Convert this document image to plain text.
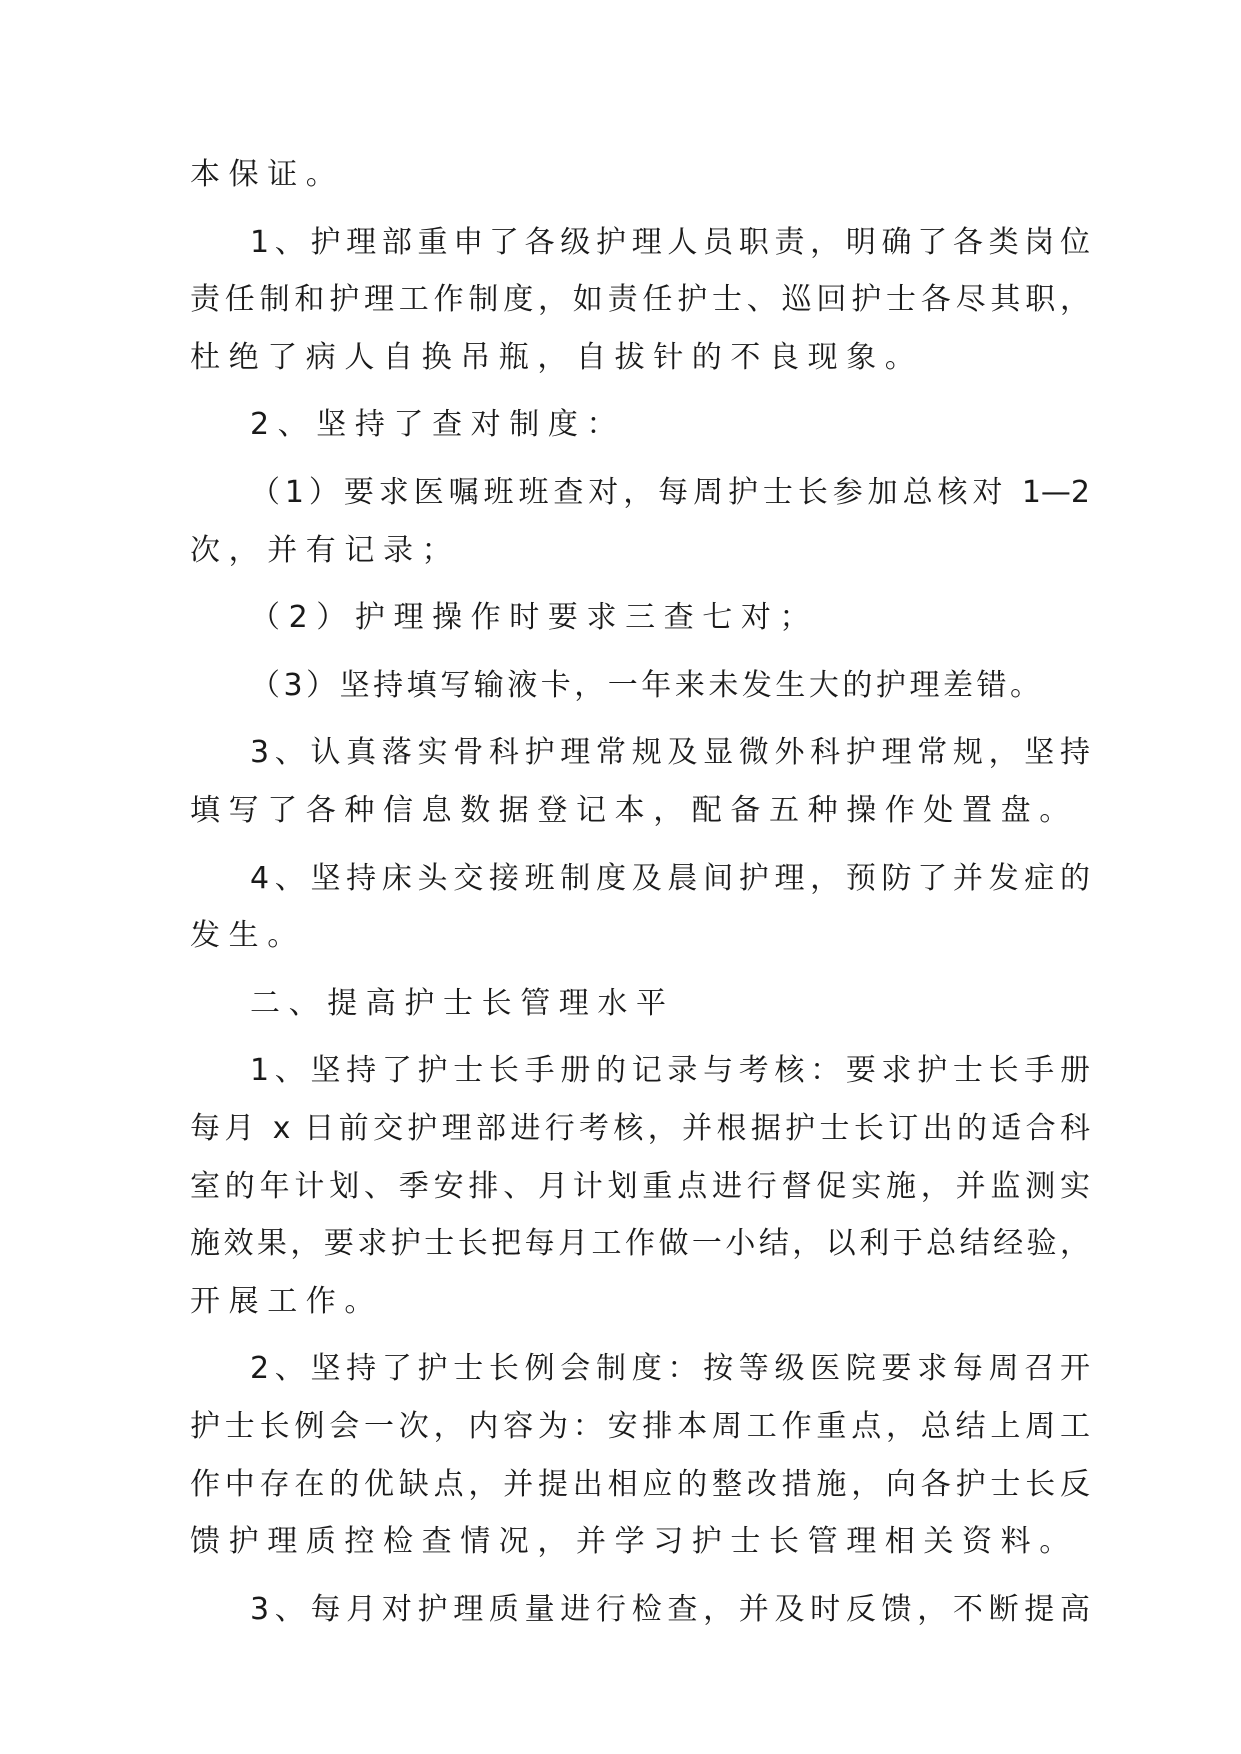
本保证。
1、护理部重申了各级护理人员职责，明确了各类岗位
责任制和护理工作制度，如责任护士、巡回护士各尽其职，
杜绝了病人自换吊瓶，自拔针的不良现象。
2、坚持了查对制度：
（1）要求医嘱班班查对，每周护士长参加总核对 1—2
次，并有记录；
（2）护理操作时要求三查七对；
（3）坚持填写输液卡，一年来未发生大的护理差错。
3、认真落实骨科护理常规及显微外科护理常规，坚持
填写了各种信息数据登记本，配备五种操作处置盘。
4、坚持床头交接班制度及晨间护理，预防了并发症的
发生。
二、提高护士长管理水平
1、坚持了护士长手册的记录与考核：要求护士长手册
每月 x 日前交护理部进行考核，并根据护士长订出的适合科
室的年计划、季安排、月计划重点进行督促实施，并监测实
施效果，要求护士长把每月工作做一小结，以利于总结经验，
开展工作。
2、坚持了护士长例会制度：按等级医院要求每周召开
护士长例会一次，内容为：安排本周工作重点，总结上周工
作中存在的优缺点，并提出相应的整改措施，向各护士长反
馈护理质控检查情况，并学习护士长管理相关资料。
3、每月对护理质量进行检查，并及时反馈，不断提高
